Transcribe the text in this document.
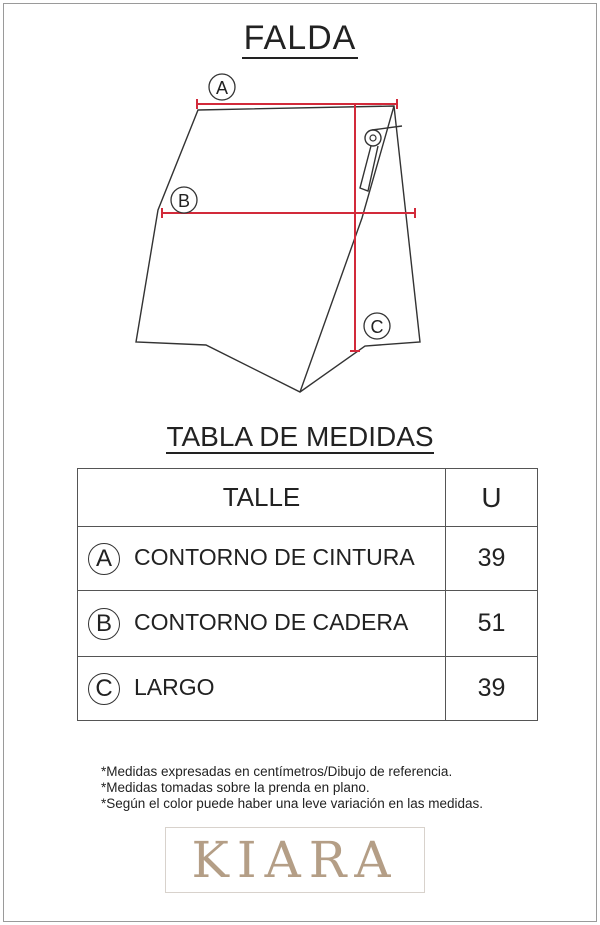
FALDA
A
B
C
TABLA DE MEDIDAS
TALLE	U
A CONTORNO DE CINTURA	39
B CONTORNO DE CADERA	51
C LARGO	39
*Medidas expresadas en centímetros/Dibujo de referencia.
*Medidas tomadas sobre la prenda en plano.
*Según el color puede haber una leve variación en las medidas.
KIARA
